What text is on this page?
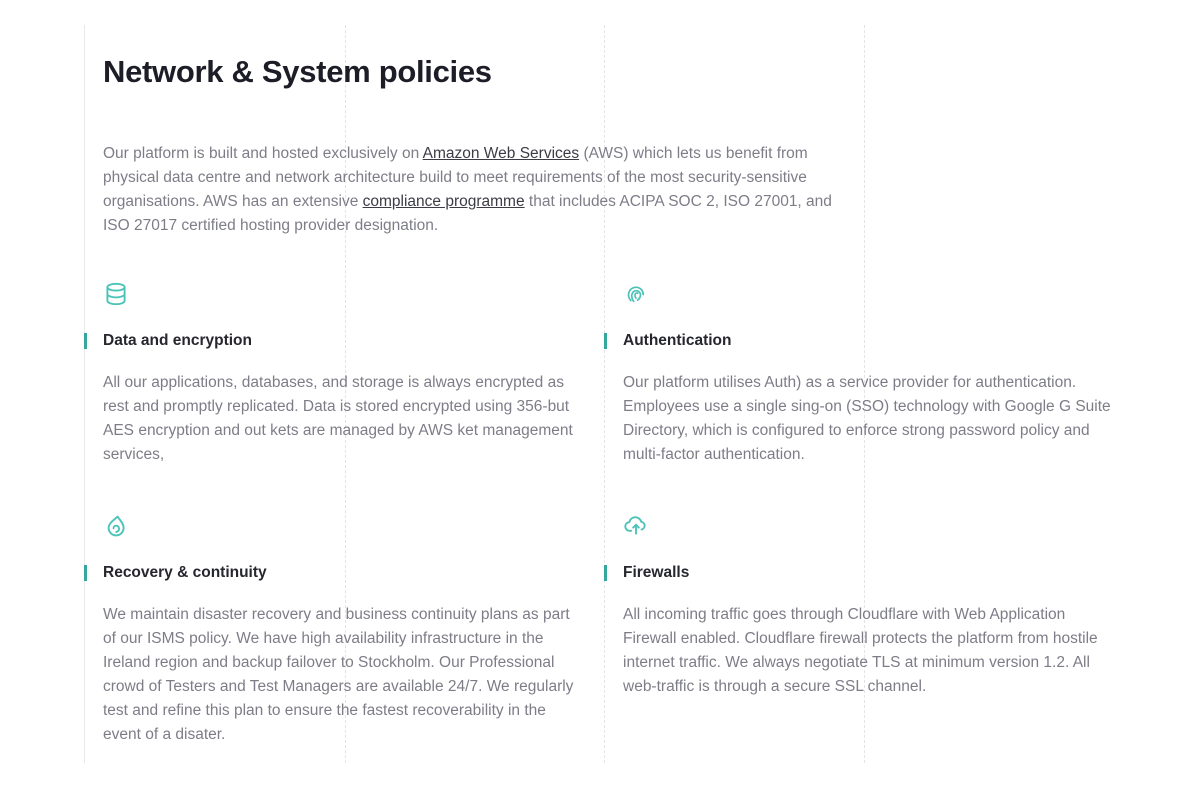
Network & System policies

Our platform is built and hosted exclusively on Amazon Web Services (AWS) which lets us benefit from physical data centre and network architecture build to meet requirements of the most security-sensitive organisations. AWS has an extensive compliance programme that includes ACIPA SOC 2, ISO 27001, and ISO 27017 certified hosting provider designation.

Data and encryption

All our applications, databases, and storage is always encrypted as rest and promptly replicated. Data is stored encrypted using 356-but AES encryption and out kets are managed by AWS ket management services,

Authentication

Our platform utilises Auth) as a service provider for authentication. Employees use a single sing-on (SSO) technology with Google G Suite Directory, which is configured to enforce strong password policy and multi-factor authentication.

Recovery & continuity

We maintain disaster recovery and business continuity plans as part of our ISMS policy. We have high availability infrastructure in the Ireland region and backup failover to Stockholm. Our Professional crowd of Testers and Test Managers are available 24/7. We regularly test and refine this plan to ensure the fastest recoverability in the event of a disater.

Firewalls

All incoming traffic goes through Cloudflare with Web Application Firewall enabled. Cloudflare firewall protects the platform from hostile internet traffic. We always negotiate TLS at minimum version 1.2. All web-traffic is through a secure SSL channel.
